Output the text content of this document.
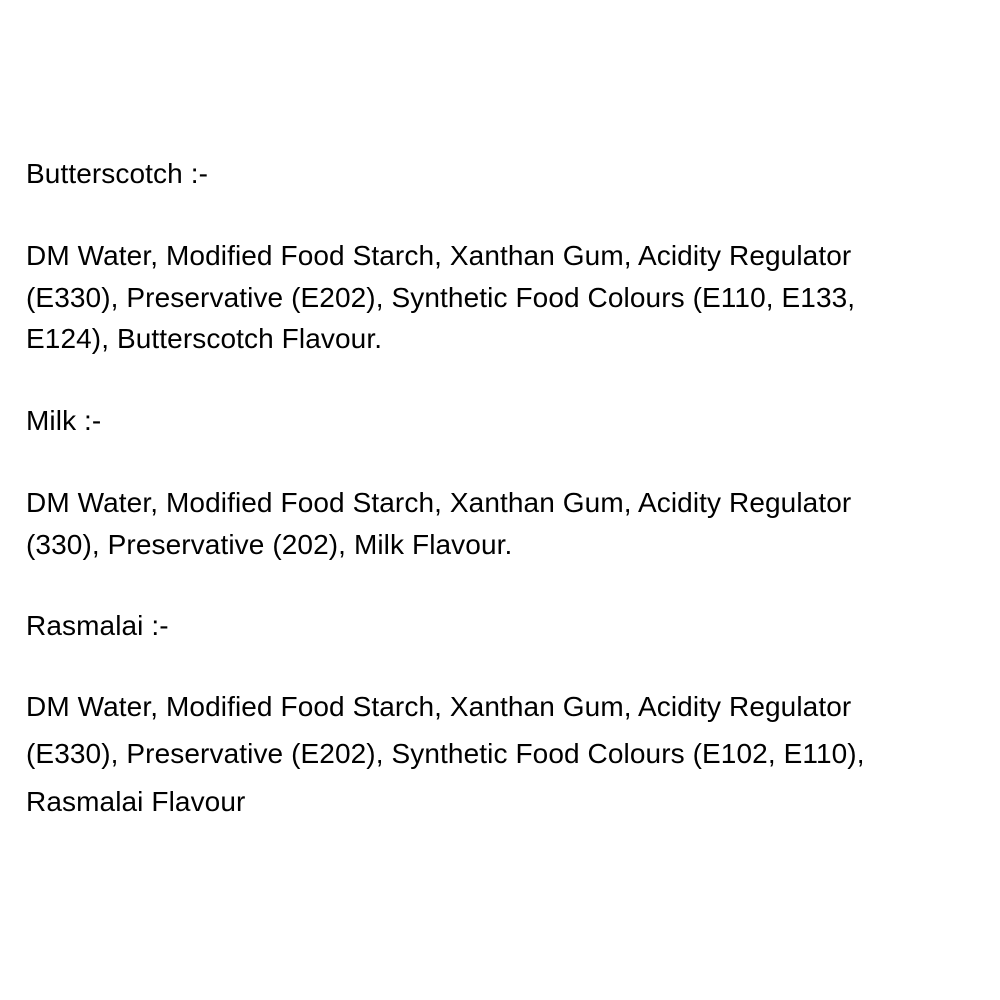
Butterscotch :-
DM Water, Modified Food Starch, Xanthan Gum, Acidity Regulator
(E330), Preservative (E202), Synthetic Food Colours (E110, E133,
E124), Butterscotch Flavour.
Milk :-
DM Water, Modified Food Starch, Xanthan Gum, Acidity Regulator
(330), Preservative (202), Milk Flavour.
Rasmalai :-
DM Water, Modified Food Starch, Xanthan Gum, Acidity Regulator
(E330), Preservative (E202), Synthetic Food Colours (E102, E110),
Rasmalai Flavour
